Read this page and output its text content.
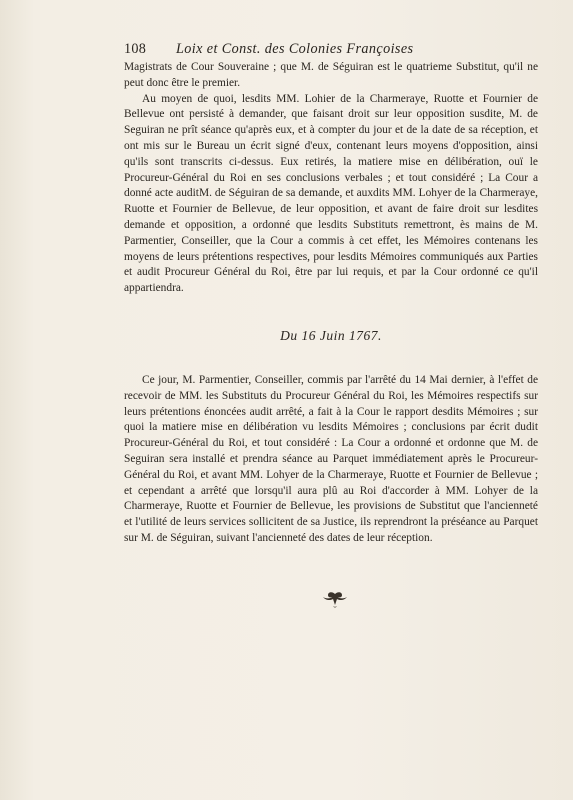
108 Loix et Const. des Colonies Françoises

Magistrats de Cour Souveraine ; que M. de Séguiran est le quatrieme Substitut, qu'il ne peut donc être le premier.

Au moyen de quoi, lesdits MM. Lohier de la Charmeraye, Ruotte et Fournier de Bellevue ont persisté à demander, que faisant droit sur leur opposition susdite, M. de Seguiran ne prît séance qu'après eux, et à compter du jour et de la date de sa réception, et ont mis sur le Bureau un écrit signé d'eux, contenant leurs moyens d'opposition, ainsi qu'ils sont transcrits ci-dessus. Eux retirés, la matiere mise en délibération, ouï le Procureur-Général du Roi en ses conclusions verbales ; et tout considéré ; La Cour a donné acte auditM. de Séguiran de sa demande, et auxdits MM. Lohyer de la Charmeraye, Ruotte et Fournier de Bellevue, de leur opposition, et avant de faire droit sur lesdites demande et opposition, a ordonné que lesdits Substituts remettront, ès mains de M. Parmentier, Conseiller, que la Cour a commis à cet effet, les Mémoires contenans les moyens de leurs prétentions respectives, pour lesdits Mémoires communiqués aux Parties et audit Procureur Général du Roi, être par lui requis, et par la Cour ordonné ce qu'il appartiendra.

Du 16 Juin 1767.

Ce jour, M. Parmentier, Conseiller, commis par l'arrêté du 14 Mai dernier, à l'effet de recevoir de MM. les Substituts du Procureur Général du Roi, les Mémoires respectifs sur leurs prétentions énoncées audit arrêté, a fait à la Cour le rapport desdits Mémoires ; sur quoi la matiere mise en délibération vu lesdits Mémoires ; conclusions par écrit dudit Procureur-Général du Roi, et tout considéré : La Cour a ordonné et ordonne que M. de Seguiran sera installé et prendra séance au Parquet immédiatement après le Procureur-Général du Roi, et avant MM. Lohyer de la Charmeraye, Ruotte et Fournier de Bellevue ; et cependant a arrêté que lorsqu'il aura plû au Roi d'accorder à MM. Lohyer de la Charmeraye, Ruotte et Fournier de Bellevue, les provisions de Substitut que l'ancienneté et l'utilité de leurs services sollicitent de sa Justice, ils reprendront la préséance au Parquet sur M. de Séguiran, suivant l'ancienneté des dates de leur réception.
